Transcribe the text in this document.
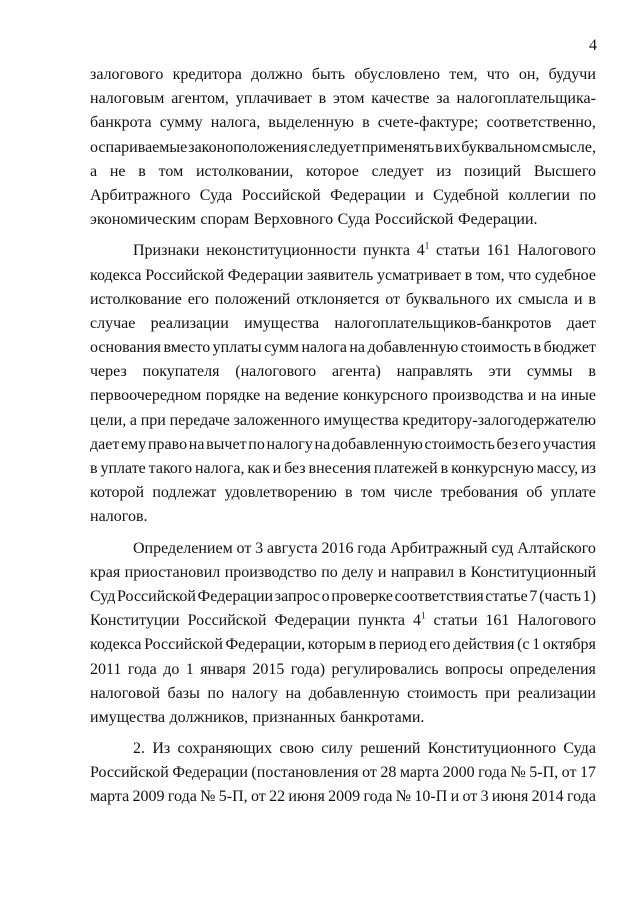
4
залогового кредитора должно быть обусловлено тем, что он, будучи
налоговым агентом, уплачивает в этом качестве за налогоплательщика-
банкрота сумму налога, выделенную в счете-фактуре; соответственно,
оспариваемые законоположения следует применять в их буквальном смысле,
а не в том истолковании, которое следует из позиций Высшего
Арбитражного Суда Российской Федерации и Судебной коллегии по
экономическим спорам Верховного Суда Российской Федерации.
Признаки неконституционности пункта $4^1$ статьи 161 Налогового
кодекса Российской Федерации заявитель усматривает в том, что судебное
истолкование его положений отклоняется от буквального их смысла и в
случае реализации имущества налогоплательщиков-банкротов дает
основания вместо уплаты сумм налога на добавленную стоимость в бюджет
через покупателя (налогового агента) направлять эти суммы в
первоочередном порядке на ведение конкурсного производства и на иные
цели, а при передаче заложенного имущества кредитору-залогодержателю
дает ему право на вычет по налогу на добавленную стоимость без его участия
в уплате такого налога, как и без внесения платежей в конкурсную массу, из
которой подлежат удовлетворению в том числе требования об уплате
налогов.
Определением от 3 августа 2016 года Арбитражный суд Алтайского
края приостановил производство по делу и направил в Конституционный
Суд Российской Федерации запрос о проверке соответствия статье 7 (часть 1)
Конституции Российской Федерации пункта $4^1$ статьи 161 Налогового
кодекса Российской Федерации, которым в период его действия (с 1 октября
2011 года до 1 января 2015 года) регулировались вопросы определения
налоговой базы по налогу на добавленную стоимость при реализации
имущества должников, признанных банкротами.
2. Из сохраняющих свою силу решений Конституционного Суда
Российской Федерации (постановления от 28 марта 2000 года № 5-П, от 17
марта 2009 года № 5-П, от 22 июня 2009 года № 10-П и от 3 июня 2014 года
